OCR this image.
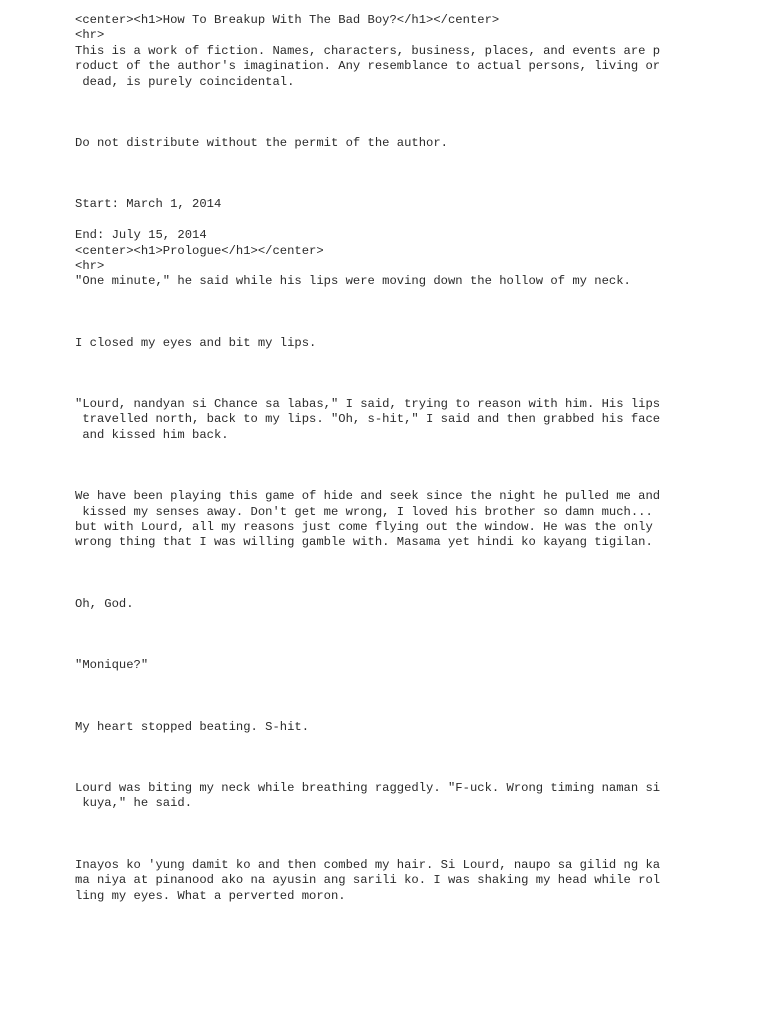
<center><h1>How To Breakup With The Bad Boy?</h1></center>
<hr>
This is a work of fiction. Names, characters, business, places, and events are p
roduct of the author's imagination. Any resemblance to actual persons, living or
dead, is purely coincidental.
Do not distribute without the permit of the author.
Start: March 1, 2014
End: July 15, 2014
<center><h1>Prologue</h1></center>
<hr>
"One minute," he said while his lips were moving down the hollow of my neck.
I closed my eyes and bit my lips.
"Lourd, nandyan si Chance sa labas," I said, trying to reason with him. His lips
travelled north, back to my lips. "Oh, s-hit," I said and then grabbed his face
and kissed him back.
We have been playing this game of hide and seek since the night he pulled me and
kissed my senses away. Don't get me wrong, I loved his brother so damn much...
but with Lourd, all my reasons just come flying out the window. He was the only
wrong thing that I was willing gamble with. Masama yet hindi ko kayang tigilan.
Oh, God.
"Monique?"
My heart stopped beating. S-hit.
Lourd was biting my neck while breathing raggedly. "F-uck. Wrong timing naman si
kuya," he said.
Inayos ko 'yung damit ko and then combed my hair. Si Lourd, naupo sa gilid ng ka
ma niya at pinanood ako na ayusin ang sarili ko. I was shaking my head while rol
ling my eyes. What a perverted moron.
